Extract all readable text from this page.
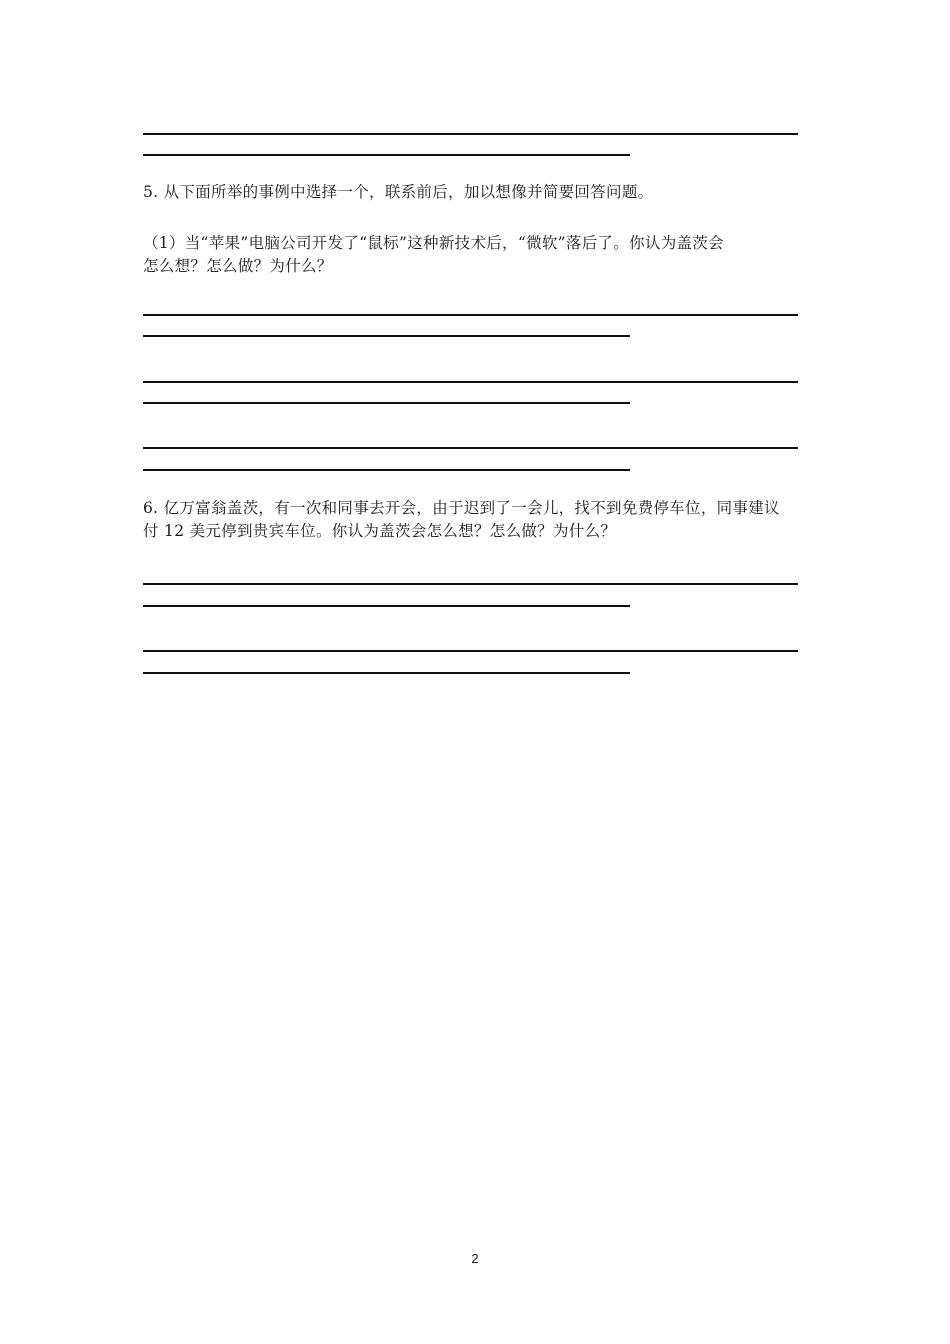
5. 从下面所举的事例中选择一个，联系前后，加以想像并简要回答问题。
（1）当“苹果”电脑公司开发了“鼠标”这种新技术后，“微软”落后了。你认为盖茨会
怎么想？怎么做？为什么？
6. 亿万富翁盖茨，有一次和同事去开会，由于迟到了一会儿，找不到免费停车位，同事建议
付 12 美元停到贵宾车位。你认为盖茨会怎么想？怎么做？为什么？
2
